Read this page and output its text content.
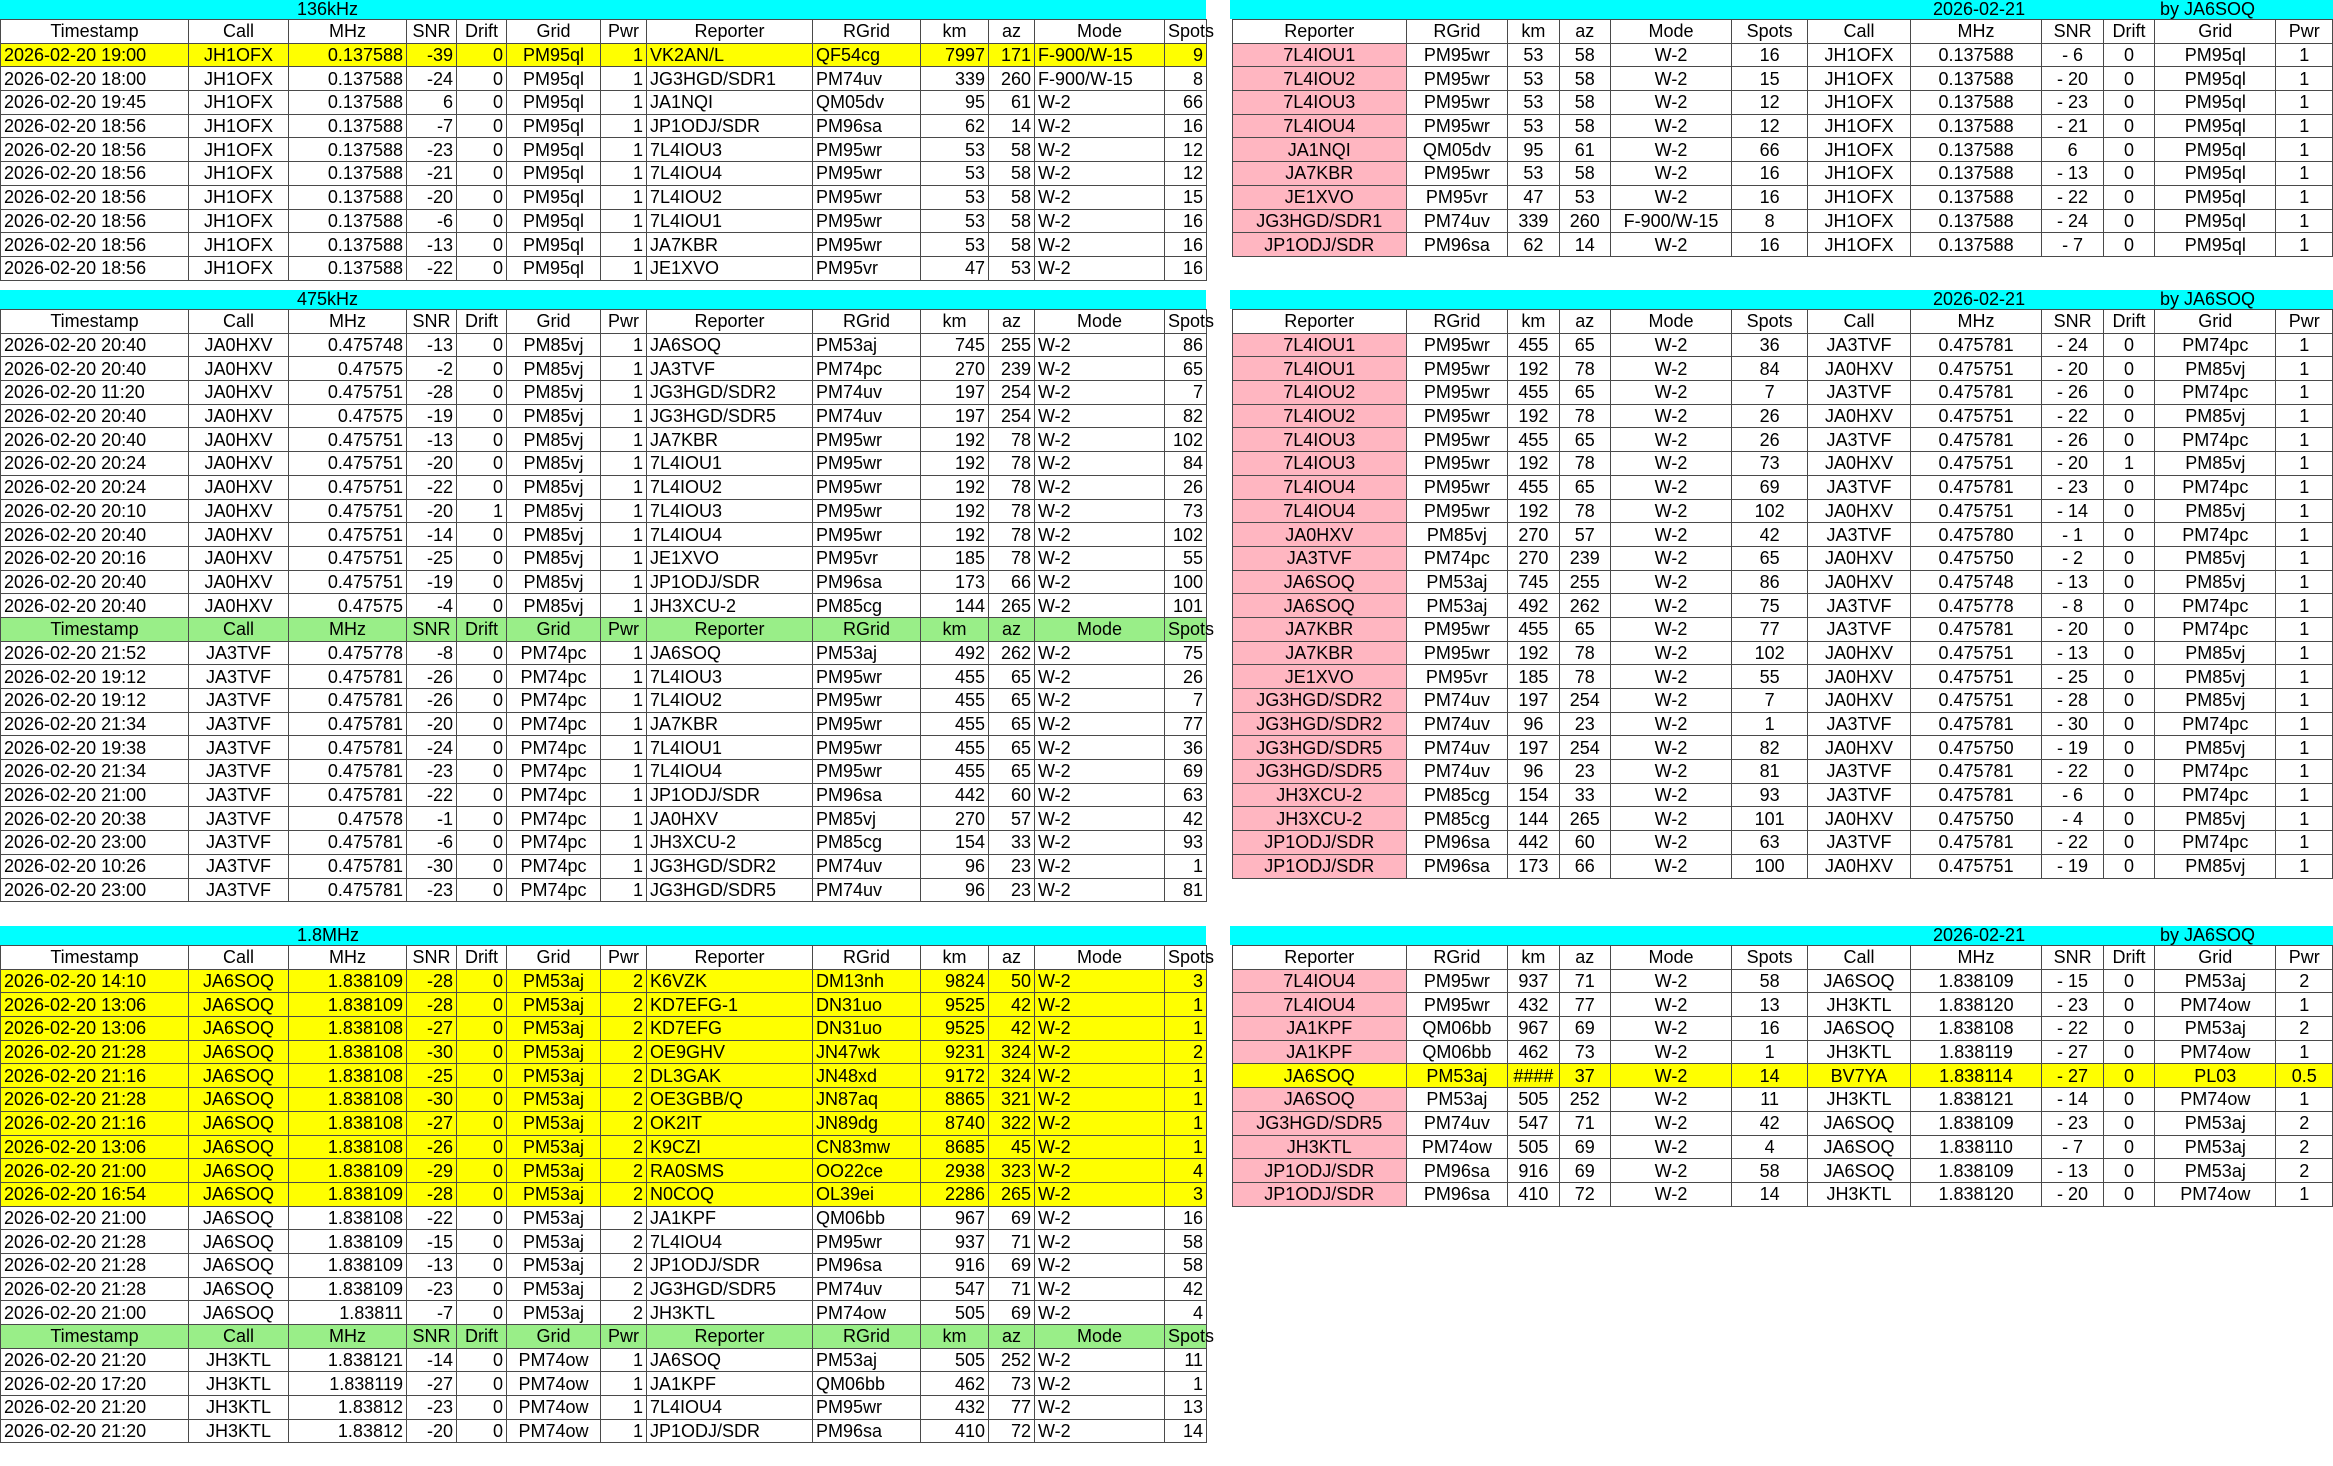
136kHz	2026-02-21	by JA6SOQ
Timestamp	Call	MHz	SNR	Drift	Grid	Pwr	Reporter	RGrid	km	az	Mode	Spots
2026-02-20 19:00	JH1OFX	0.137588	-39	0	PM95ql	1	VK2AN/L	QF54cg	7997	171	F-900/W-15	9
2026-02-20 18:00	JH1OFX	0.137588	-24	0	PM95ql	1	JG3HGD/SDR1	PM74uv	339	260	F-900/W-15	8
2026-02-20 19:45	JH1OFX	0.137588	6	0	PM95ql	1	JA1NQI	QM05dv	95	61	W-2	66
2026-02-20 18:56	JH1OFX	0.137588	-7	0	PM95ql	1	JP1ODJ/SDR	PM96sa	62	14	W-2	16
2026-02-20 18:56	JH1OFX	0.137588	-23	0	PM95ql	1	7L4IOU3	PM95wr	53	58	W-2	12
2026-02-20 18:56	JH1OFX	0.137588	-21	0	PM95ql	1	7L4IOU4	PM95wr	53	58	W-2	12
2026-02-20 18:56	JH1OFX	0.137588	-20	0	PM95ql	1	7L4IOU2	PM95wr	53	58	W-2	15
2026-02-20 18:56	JH1OFX	0.137588	-6	0	PM95ql	1	7L4IOU1	PM95wr	53	58	W-2	16
2026-02-20 18:56	JH1OFX	0.137588	-13	0	PM95ql	1	JA7KBR	PM95wr	53	58	W-2	16
2026-02-20 18:56	JH1OFX	0.137588	-22	0	PM95ql	1	JE1XVO	PM95vr	47	53	W-2	16
Reporter	RGrid	km	az	Mode	Spots	Call	MHz	SNR	Drift	Grid	Pwr
7L4IOU1	PM95wr	53	58	W-2	16	JH1OFX	0.137588	- 6	0	PM95ql	1
7L4IOU2	PM95wr	53	58	W-2	15	JH1OFX	0.137588	- 20	0	PM95ql	1
7L4IOU3	PM95wr	53	58	W-2	12	JH1OFX	0.137588	- 23	0	PM95ql	1
7L4IOU4	PM95wr	53	58	W-2	12	JH1OFX	0.137588	- 21	0	PM95ql	1
JA1NQI	QM05dv	95	61	W-2	66	JH1OFX	0.137588	6	0	PM95ql	1
JA7KBR	PM95wr	53	58	W-2	16	JH1OFX	0.137588	- 13	0	PM95ql	1
JE1XVO	PM95vr	47	53	W-2	16	JH1OFX	0.137588	- 22	0	PM95ql	1
JG3HGD/SDR1	PM74uv	339	260	F-900/W-15	8	JH1OFX	0.137588	- 24	0	PM95ql	1
JP1ODJ/SDR	PM96sa	62	14	W-2	16	JH1OFX	0.137588	- 7	0	PM95ql	1
475kHz	2026-02-21	by JA6SOQ
Timestamp	Call	MHz	SNR	Drift	Grid	Pwr	Reporter	RGrid	km	az	Mode	Spots
2026-02-20 20:40	JA0HXV	0.475748	-13	0	PM85vj	1	JA6SOQ	PM53aj	745	255	W-2	86
2026-02-20 20:40	JA0HXV	0.47575	-2	0	PM85vj	1	JA3TVF	PM74pc	270	239	W-2	65
2026-02-20 11:20	JA0HXV	0.475751	-28	0	PM85vj	1	JG3HGD/SDR2	PM74uv	197	254	W-2	7
2026-02-20 20:40	JA0HXV	0.47575	-19	0	PM85vj	1	JG3HGD/SDR5	PM74uv	197	254	W-2	82
2026-02-20 20:40	JA0HXV	0.475751	-13	0	PM85vj	1	JA7KBR	PM95wr	192	78	W-2	102
2026-02-20 20:24	JA0HXV	0.475751	-20	0	PM85vj	1	7L4IOU1	PM95wr	192	78	W-2	84
2026-02-20 20:24	JA0HXV	0.475751	-22	0	PM85vj	1	7L4IOU2	PM95wr	192	78	W-2	26
2026-02-20 20:10	JA0HXV	0.475751	-20	1	PM85vj	1	7L4IOU3	PM95wr	192	78	W-2	73
2026-02-20 20:40	JA0HXV	0.475751	-14	0	PM85vj	1	7L4IOU4	PM95wr	192	78	W-2	102
2026-02-20 20:16	JA0HXV	0.475751	-25	0	PM85vj	1	JE1XVO	PM95vr	185	78	W-2	55
2026-02-20 20:40	JA0HXV	0.475751	-19	0	PM85vj	1	JP1ODJ/SDR	PM96sa	173	66	W-2	100
2026-02-20 20:40	JA0HXV	0.47575	-4	0	PM85vj	1	JH3XCU-2	PM85cg	144	265	W-2	101
Timestamp	Call	MHz	SNR	Drift	Grid	Pwr	Reporter	RGrid	km	az	Mode	Spots
2026-02-20 21:52	JA3TVF	0.475778	-8	0	PM74pc	1	JA6SOQ	PM53aj	492	262	W-2	75
2026-02-20 19:12	JA3TVF	0.475781	-26	0	PM74pc	1	7L4IOU3	PM95wr	455	65	W-2	26
2026-02-20 19:12	JA3TVF	0.475781	-26	0	PM74pc	1	7L4IOU2	PM95wr	455	65	W-2	7
2026-02-20 21:34	JA3TVF	0.475781	-20	0	PM74pc	1	JA7KBR	PM95wr	455	65	W-2	77
2026-02-20 19:38	JA3TVF	0.475781	-24	0	PM74pc	1	7L4IOU1	PM95wr	455	65	W-2	36
2026-02-20 21:34	JA3TVF	0.475781	-23	0	PM74pc	1	7L4IOU4	PM95wr	455	65	W-2	69
2026-02-20 21:00	JA3TVF	0.475781	-22	0	PM74pc	1	JP1ODJ/SDR	PM96sa	442	60	W-2	63
2026-02-20 20:38	JA3TVF	0.47578	-1	0	PM74pc	1	JA0HXV	PM85vj	270	57	W-2	42
2026-02-20 23:00	JA3TVF	0.475781	-6	0	PM74pc	1	JH3XCU-2	PM85cg	154	33	W-2	93
2026-02-20 10:26	JA3TVF	0.475781	-30	0	PM74pc	1	JG3HGD/SDR2	PM74uv	96	23	W-2	1
2026-02-20 23:00	JA3TVF	0.475781	-23	0	PM74pc	1	JG3HGD/SDR5	PM74uv	96	23	W-2	81
Reporter	RGrid	km	az	Mode	Spots	Call	MHz	SNR	Drift	Grid	Pwr
7L4IOU1	PM95wr	455	65	W-2	36	JA3TVF	0.475781	- 24	0	PM74pc	1
7L4IOU1	PM95wr	192	78	W-2	84	JA0HXV	0.475751	- 20	0	PM85vj	1
7L4IOU2	PM95wr	455	65	W-2	7	JA3TVF	0.475781	- 26	0	PM74pc	1
7L4IOU2	PM95wr	192	78	W-2	26	JA0HXV	0.475751	- 22	0	PM85vj	1
7L4IOU3	PM95wr	455	65	W-2	26	JA3TVF	0.475781	- 26	0	PM74pc	1
7L4IOU3	PM95wr	192	78	W-2	73	JA0HXV	0.475751	- 20	1	PM85vj	1
7L4IOU4	PM95wr	455	65	W-2	69	JA3TVF	0.475781	- 23	0	PM74pc	1
7L4IOU4	PM95wr	192	78	W-2	102	JA0HXV	0.475751	- 14	0	PM85vj	1
JA0HXV	PM85vj	270	57	W-2	42	JA3TVF	0.475780	- 1	0	PM74pc	1
JA3TVF	PM74pc	270	239	W-2	65	JA0HXV	0.475750	- 2	0	PM85vj	1
JA6SOQ	PM53aj	745	255	W-2	86	JA0HXV	0.475748	- 13	0	PM85vj	1
JA6SOQ	PM53aj	492	262	W-2	75	JA3TVF	0.475778	- 8	0	PM74pc	1
JA7KBR	PM95wr	455	65	W-2	77	JA3TVF	0.475781	- 20	0	PM74pc	1
JA7KBR	PM95wr	192	78	W-2	102	JA0HXV	0.475751	- 13	0	PM85vj	1
JE1XVO	PM95vr	185	78	W-2	55	JA0HXV	0.475751	- 25	0	PM85vj	1
JG3HGD/SDR2	PM74uv	197	254	W-2	7	JA0HXV	0.475751	- 28	0	PM85vj	1
JG3HGD/SDR2	PM74uv	96	23	W-2	1	JA3TVF	0.475781	- 30	0	PM74pc	1
JG3HGD/SDR5	PM74uv	197	254	W-2	82	JA0HXV	0.475750	- 19	0	PM85vj	1
JG3HGD/SDR5	PM74uv	96	23	W-2	81	JA3TVF	0.475781	- 22	0	PM74pc	1
JH3XCU-2	PM85cg	154	33	W-2	93	JA3TVF	0.475781	- 6	0	PM74pc	1
JH3XCU-2	PM85cg	144	265	W-2	101	JA0HXV	0.475750	- 4	0	PM85vj	1
JP1ODJ/SDR	PM96sa	442	60	W-2	63	JA3TVF	0.475781	- 22	0	PM74pc	1
JP1ODJ/SDR	PM96sa	173	66	W-2	100	JA0HXV	0.475751	- 19	0	PM85vj	1
1.8MHz	2026-02-21	by JA6SOQ
Timestamp	Call	MHz	SNR	Drift	Grid	Pwr	Reporter	RGrid	km	az	Mode	Spots
2026-02-20 14:10	JA6SOQ	1.838109	-28	0	PM53aj	2	K6VZK	DM13nh	9824	50	W-2	3
2026-02-20 13:06	JA6SOQ	1.838109	-28	0	PM53aj	2	KD7EFG-1	DN31uo	9525	42	W-2	1
2026-02-20 13:06	JA6SOQ	1.838108	-27	0	PM53aj	2	KD7EFG	DN31uo	9525	42	W-2	1
2026-02-20 21:28	JA6SOQ	1.838108	-30	0	PM53aj	2	OE9GHV	JN47wk	9231	324	W-2	2
2026-02-20 21:16	JA6SOQ	1.838108	-25	0	PM53aj	2	DL3GAK	JN48xd	9172	324	W-2	1
2026-02-20 21:28	JA6SOQ	1.838108	-30	0	PM53aj	2	OE3GBB/Q	JN87aq	8865	321	W-2	1
2026-02-20 21:16	JA6SOQ	1.838108	-27	0	PM53aj	2	OK2IT	JN89dg	8740	322	W-2	1
2026-02-20 13:06	JA6SOQ	1.838108	-26	0	PM53aj	2	K9CZI	CN83mw	8685	45	W-2	1
2026-02-20 21:00	JA6SOQ	1.838109	-29	0	PM53aj	2	RA0SMS	OO22ce	2938	323	W-2	4
2026-02-20 16:54	JA6SOQ	1.838109	-28	0	PM53aj	2	N0COQ	OL39ei	2286	265	W-2	3
2026-02-20 21:00	JA6SOQ	1.838108	-22	0	PM53aj	2	JA1KPF	QM06bb	967	69	W-2	16
2026-02-20 21:28	JA6SOQ	1.838109	-15	0	PM53aj	2	7L4IOU4	PM95wr	937	71	W-2	58
2026-02-20 21:28	JA6SOQ	1.838109	-13	0	PM53aj	2	JP1ODJ/SDR	PM96sa	916	69	W-2	58
2026-02-20 21:28	JA6SOQ	1.838109	-23	0	PM53aj	2	JG3HGD/SDR5	PM74uv	547	71	W-2	42
2026-02-20 21:00	JA6SOQ	1.83811	-7	0	PM53aj	2	JH3KTL	PM74ow	505	69	W-2	4
Timestamp	Call	MHz	SNR	Drift	Grid	Pwr	Reporter	RGrid	km	az	Mode	Spots
2026-02-20 21:20	JH3KTL	1.838121	-14	0	PM74ow	1	JA6SOQ	PM53aj	505	252	W-2	11
2026-02-20 17:20	JH3KTL	1.838119	-27	0	PM74ow	1	JA1KPF	QM06bb	462	73	W-2	1
2026-02-20 21:20	JH3KTL	1.83812	-23	0	PM74ow	1	7L4IOU4	PM95wr	432	77	W-2	13
2026-02-20 21:20	JH3KTL	1.83812	-20	0	PM74ow	1	JP1ODJ/SDR	PM96sa	410	72	W-2	14
Reporter	RGrid	km	az	Mode	Spots	Call	MHz	SNR	Drift	Grid	Pwr
7L4IOU4	PM95wr	937	71	W-2	58	JA6SOQ	1.838109	- 15	0	PM53aj	2
7L4IOU4	PM95wr	432	77	W-2	13	JH3KTL	1.838120	- 23	0	PM74ow	1
JA1KPF	QM06bb	967	69	W-2	16	JA6SOQ	1.838108	- 22	0	PM53aj	2
JA1KPF	QM06bb	462	73	W-2	1	JH3KTL	1.838119	- 27	0	PM74ow	1
JA6SOQ	PM53aj	####	37	W-2	14	BV7YA	1.838114	- 27	0	PL03	0.5
JA6SOQ	PM53aj	505	252	W-2	11	JH3KTL	1.838121	- 14	0	PM74ow	1
JG3HGD/SDR5	PM74uv	547	71	W-2	42	JA6SOQ	1.838109	- 23	0	PM53aj	2
JH3KTL	PM74ow	505	69	W-2	4	JA6SOQ	1.838110	- 7	0	PM53aj	2
JP1ODJ/SDR	PM96sa	916	69	W-2	58	JA6SOQ	1.838109	- 13	0	PM53aj	2
JP1ODJ/SDR	PM96sa	410	72	W-2	14	JH3KTL	1.838120	- 20	0	PM74ow	1
